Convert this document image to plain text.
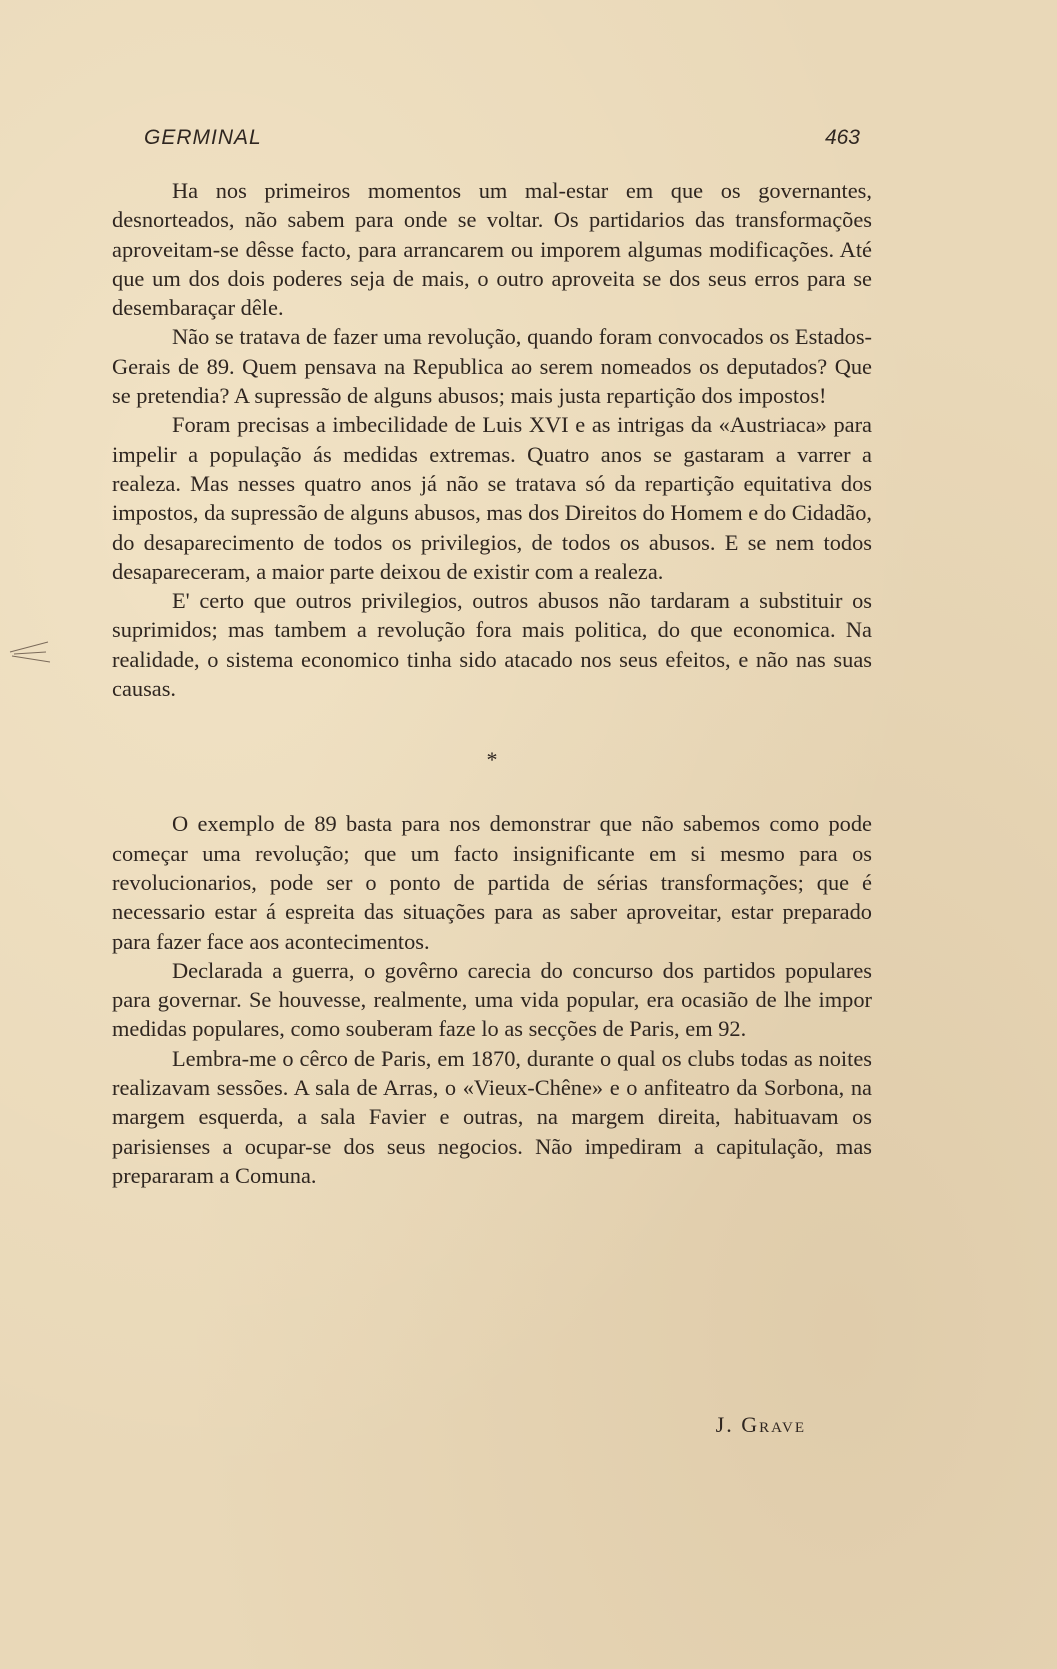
GERMINAL	463

Ha nos primeiros momentos um mal-estar em que os governantes, desnorteados, não sabem para onde se voltar. Os partidarios das transformações aproveitam-se dêsse facto, para arrancarem ou imporem algumas modificações. Até que um dos dois poderes seja de mais, o outro aproveita se dos seus erros para se desembaraçar dêle.

Não se tratava de fazer uma revolução, quando foram convocados os Estados-Gerais de 89. Quem pensava na Republica ao serem nomeados os deputados? Que se pretendia? A supressão de alguns abusos; mais justa repartição dos impostos!

Foram precisas a imbecilidade de Luis XVI e as intrigas da «Austriaca» para impelir a população ás medidas extremas. Quatro anos se gastaram a varrer a realeza. Mas nesses quatro anos já não se tratava só da repartição equitativa dos impostos, da supressão de alguns abusos, mas dos Direitos do Homem e do Cidadão, do desaparecimento de todos os privilegios, de todos os abusos. E se nem todos desapareceram, a maior parte deixou de existir com a realeza.

E' certo que outros privilegios, outros abusos não tardaram a substituir os suprimidos; mas tambem a revolução fora mais politica, do que economica. Na realidade, o sistema economico tinha sido atacado nos seus efeitos, e não nas suas causas.

*

O exemplo de 89 basta para nos demonstrar que não sabemos como pode começar uma revolução; que um facto insignificante em si mesmo para os revolucionarios, pode ser o ponto de partida de sérias transformações; que é necessario estar á espreita das situações para as saber aproveitar, estar preparado para fazer face aos acontecimentos.

Declarada a guerra, o govêrno carecia do concurso dos partidos populares para governar. Se houvesse, realmente, uma vida popular, era ocasião de lhe impor medidas populares, como souberam faze lo as secções de Paris, em 92.

Lembra-me o cêrco de Paris, em 1870, durante o qual os clubs todas as noites realizavam sessões. A sala de Arras, o «Vieux-Chêne» e o anfiteatro da Sorbona, na margem esquerda, a sala Favier e outras, na margem direita, habituavam os parisienses a ocupar-se dos seus negocios. Não impediram a capitulação, mas prepararam a Comuna.

J. Grave
